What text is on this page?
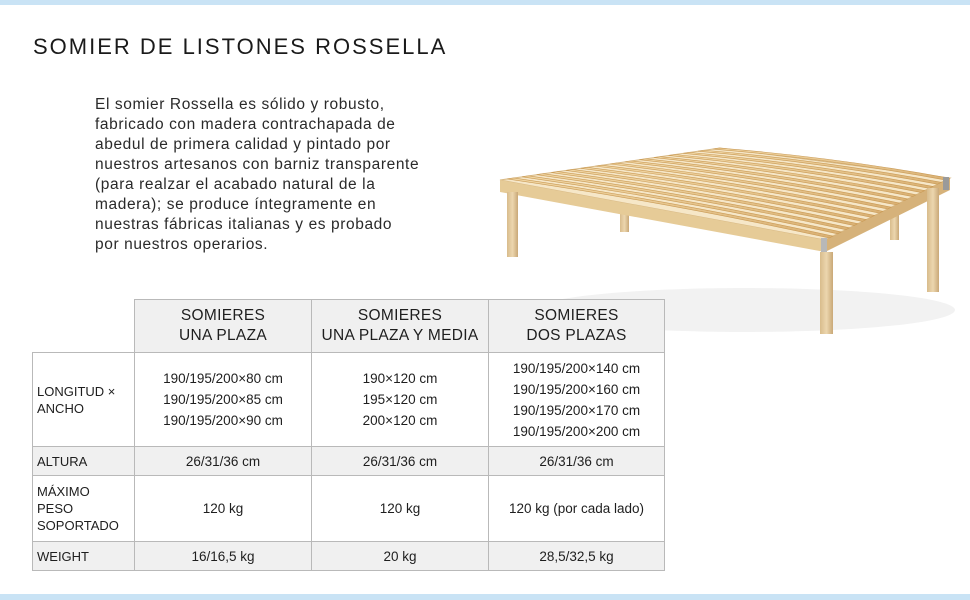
SOMIER DE LISTONES ROSSELLA
El somier Rossella es sólido y robusto,
fabricado con madera contrachapada de
abedul de primera calidad y pintado por
nuestros artesanos con barniz transparente
(para realzar el acabado natural de la
madera); se produce íntegramente en
nuestras fábricas italianas y es probado
por nuestros operarios.

	SOMIERES
UNA PLAZA	SOMIERES
UNA PLAZA Y MEDIA	SOMIERES
DOS PLAZAS

LONGITUD ×
ANCHO	190/195/200×80 cm
190/195/200×85 cm
190/195/200×90 cm	190×120 cm
195×120 cm
200×120 cm	190/195/200×140 cm
190/195/200×160 cm
190/195/200×170 cm
190/195/200×200 cm

ALTURA	26/31/36 cm	26/31/36 cm	26/31/36 cm

MÁXIMO
PESO
SOPORTADO	120 kg	120 kg	120 kg (por cada lado)

WEIGHT	16/16,5 kg	20 kg	28,5/32,5 kg
